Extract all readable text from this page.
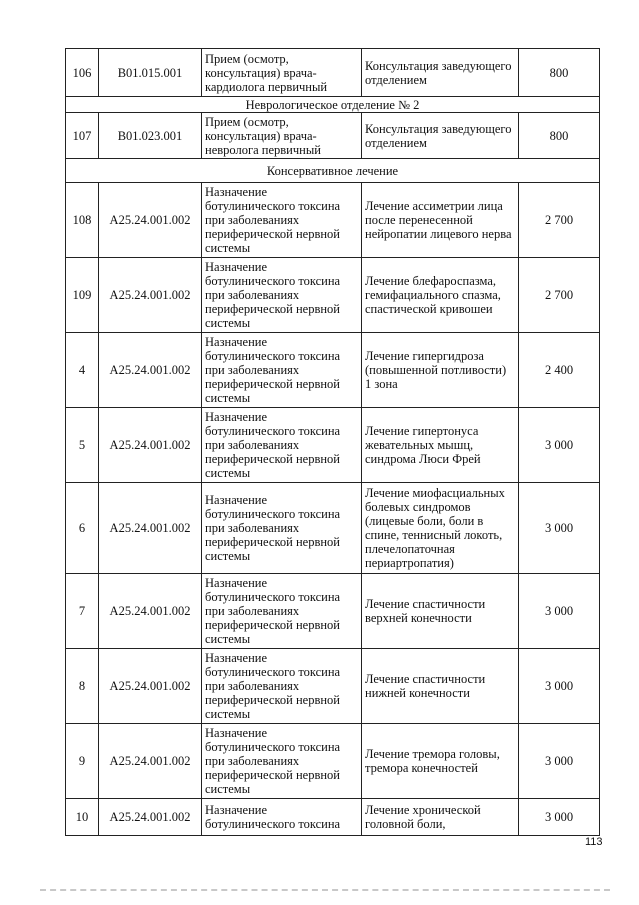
106	B01.015.001	Прием (осмотр, консультация) врача-кардиолога первичный	Консультация заведующего отделением	800
Неврологическое отделение № 2				
107	B01.023.001	Прием (осмотр, консультация) врача-невролога первичный	Консультация заведующего отделением	800
Консервативное лечение				
108	A25.24.001.002	Назначение ботулинического токсина при заболеваниях периферической нервной системы	Лечение ассиметрии лица после перенесенной нейропатии лицевого нерва	2 700
109	A25.24.001.002	Назначение ботулинического токсина при заболеваниях периферической нервной системы	Лечение блефароспазма, гемифациального спазма, спастической кривошеи	2 700
4	A25.24.001.002	Назначение ботулинического токсина при заболеваниях периферической нервной системы	Лечение гипергидроза (повышенной потливости) 1 зона	2 400
5	A25.24.001.002	Назначение ботулинического токсина при заболеваниях периферической нервной системы	Лечение гипертонуса жевательных мышц, синдрома Люси Фрей	3 000
6	A25.24.001.002	Назначение ботулинического токсина при заболеваниях периферической нервной системы	Лечение миофасциальных болевых синдромов (лицевые боли, боли в спине, теннисный локоть, плечелопаточная периартропатия)	3 000
7	A25.24.001.002	Назначение ботулинического токсина при заболеваниях периферической нервной системы	Лечение спастичности верхней конечности	3 000
8	A25.24.001.002	Назначение ботулинического токсина при заболеваниях периферической нервной системы	Лечение спастичности нижней конечности	3 000
9	A25.24.001.002	Назначение ботулинического токсина при заболеваниях периферической нервной системы	Лечение тремора головы, тремора конечностей	3 000
10	A25.24.001.002	Назначение ботулинического токсина	Лечение хронической головной боли,	3 000
113
